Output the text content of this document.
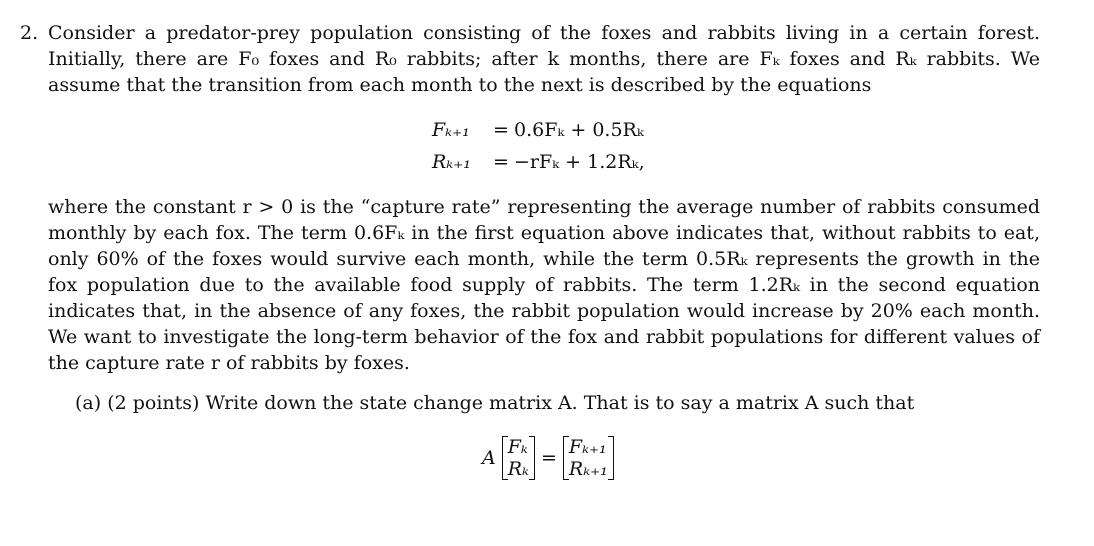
2. Consider a predator-prey population consisting of the foxes and rabbits living in a certain forest. Initially, there are F₀ foxes and R₀ rabbits; after k months, there are Fₖ foxes and Rₖ rabbits. We assume that the transition from each month to the next is described by the equations
Fₖ₊₁ = 0.6Fₖ + 0.5Rₖ
Rₖ₊₁ = −rFₖ + 1.2Rₖ,
where the constant r > 0 is the “capture rate” representing the average number of rabbits consumed monthly by each fox. The term 0.6Fₖ in the first equation above indicates that, without rabbits to eat, only 60% of the foxes would survive each month, while the term 0.5Rₖ represents the growth in the fox population due to the available food supply of rabbits. The term 1.2Rₖ in the second equation indicates that, in the absence of any foxes, the rabbit population would increase by 20% each month. We want to investigate the long-term behavior of the fox and rabbit populations for different values of the capture rate r of rabbits by foxes.
(a) (2 points) Write down the state change matrix A. That is to say a matrix A such that
A Fₖ
Rₖ = Fₖ₊₁
Rₖ₊₁
